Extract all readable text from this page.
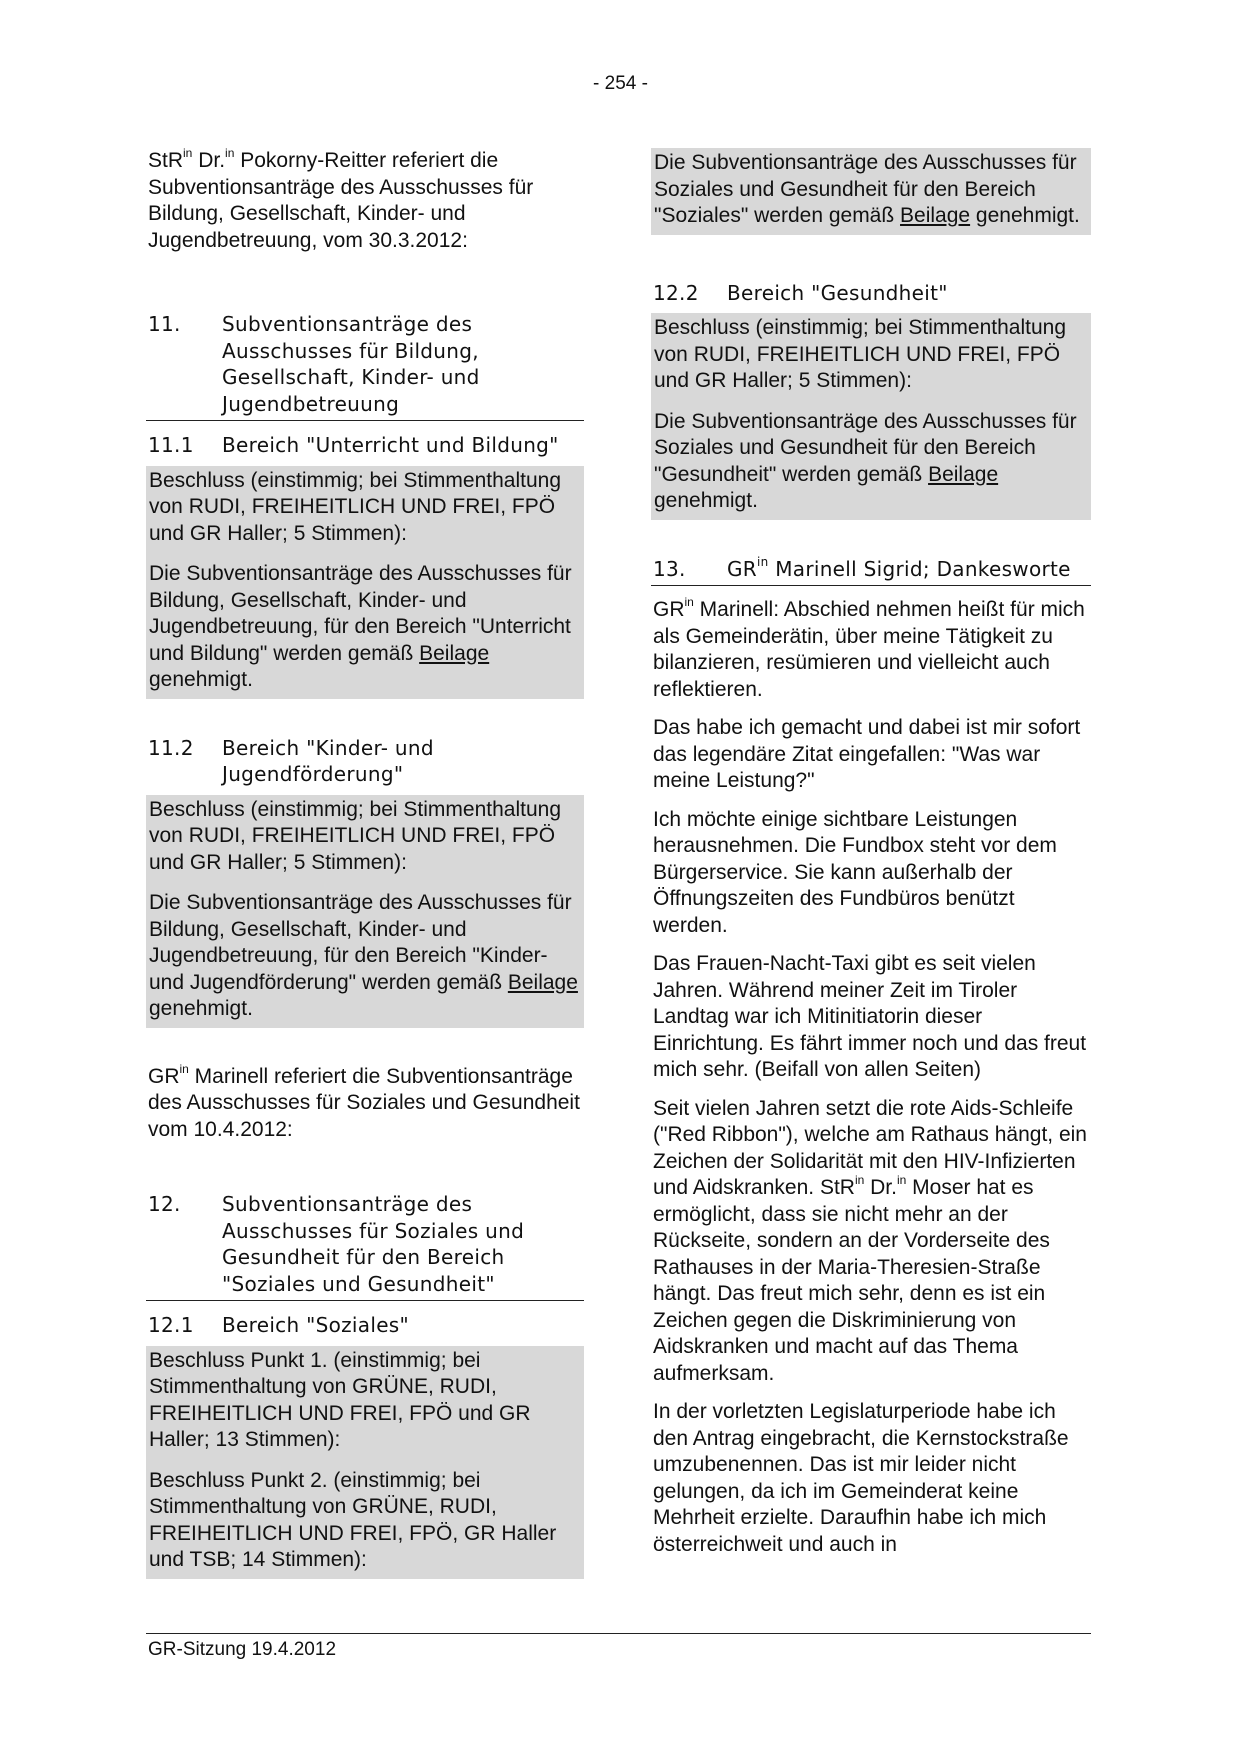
- 254 -
StR$^{in}$ Dr.$^{in}$ Pokorny-Reitter referiert die Subventionsanträge des Ausschusses für Bildung, Gesellschaft, Kinder- und Jugendbetreuung, vom 30.3.2012:
11.	Subventionsanträge des Ausschusses für Bildung, Gesellschaft, Kinder- und Jugendbetreuung
11.1	Bereich "Unterricht und Bildung"
Beschluss (einstimmig; bei Stimmenthaltung von RUDI, FREIHEITLICH UND FREI, FPÖ und GR Haller; 5 Stimmen):
Die Subventionsanträge des Ausschusses für Bildung, Gesellschaft, Kinder- und Jugendbetreuung, für den Bereich "Unterricht und Bildung" werden gemäß Beilage genehmigt.
11.2	Bereich "Kinder- und Jugendförderung"
Beschluss (einstimmig; bei Stimmenthaltung von RUDI, FREIHEITLICH UND FREI, FPÖ und GR Haller; 5 Stimmen):
Die Subventionsanträge des Ausschusses für Bildung, Gesellschaft, Kinder- und Jugendbetreuung, für den Bereich "Kinder- und Jugendförderung" werden gemäß Beilage genehmigt.
$GR^{in}$ Marinell referiert die Subventionsanträge des Ausschusses für Soziales und Gesundheit vom 10.4.2012:
12.	Subventionsanträge des Ausschusses für Soziales und Gesundheit für den Bereich "Soziales und Gesundheit"
12.1	Bereich "Soziales"
Beschluss Punkt 1. (einstimmig; bei Stimmenthaltung von GRÜNE, RUDI, FREIHEITLICH UND FREI, FPÖ und GR Haller; 13 Stimmen):
Beschluss Punkt 2. (einstimmig; bei Stimmenthaltung von GRÜNE, RUDI, FREIHEITLICH UND FREI, FPÖ, GR Haller und TSB; 14 Stimmen):
Die Subventionsanträge des Ausschusses für Soziales und Gesundheit für den Bereich "Soziales" werden gemäß Beilage genehmigt.
12.2	Bereich "Gesundheit"
Beschluss (einstimmig; bei Stimmenthaltung von RUDI, FREIHEITLICH UND FREI, FPÖ und GR Haller; 5 Stimmen):
Die Subventionsanträge des Ausschusses für Soziales und Gesundheit für den Bereich "Gesundheit" werden gemäß Beilage genehmigt.
13.	$GR^{in}$ Marinell Sigrid; Dankesworte
$GR^{in}$ Marinell: Abschied nehmen heißt für mich als Gemeinderätin, über meine Tätigkeit zu bilanzieren, resümieren und vielleicht auch reflektieren.
Das habe ich gemacht und dabei ist mir sofort das legendäre Zitat eingefallen: "Was war meine Leistung?"
Ich möchte einige sichtbare Leistungen herausnehmen. Die Fundbox steht vor dem Bürgerservice. Sie kann außerhalb der Öffnungszeiten des Fundbüros benützt werden.
Das Frauen-Nacht-Taxi gibt es seit vielen Jahren. Während meiner Zeit im Tiroler Landtag war ich Mitinitiatorin dieser Einrichtung. Es fährt immer noch und das freut mich sehr. (Beifall von allen Seiten)
Seit vielen Jahren setzt die rote Aids-Schleife ("Red Ribbon"), welche am Rathaus hängt, ein Zeichen der Solidarität mit den HIV-Infizierten und Aidskranken. StR$^{in}$ Dr.$^{in}$ Moser hat es ermöglicht, dass sie nicht mehr an der Rückseite, sondern an der Vorderseite des Rathauses in der Maria-Theresien-Straße hängt. Das freut mich sehr, denn es ist ein Zeichen gegen die Diskriminierung von Aidskranken und macht auf das Thema aufmerksam.
In der vorletzten Legislaturperiode habe ich den Antrag eingebracht, die Kernstockstraße umzubenennen. Das ist mir leider nicht gelungen, da ich im Gemeinderat keine Mehrheit erzielte. Daraufhin habe ich mich österreichweit und auch in
GR-Sitzung 19.4.2012
